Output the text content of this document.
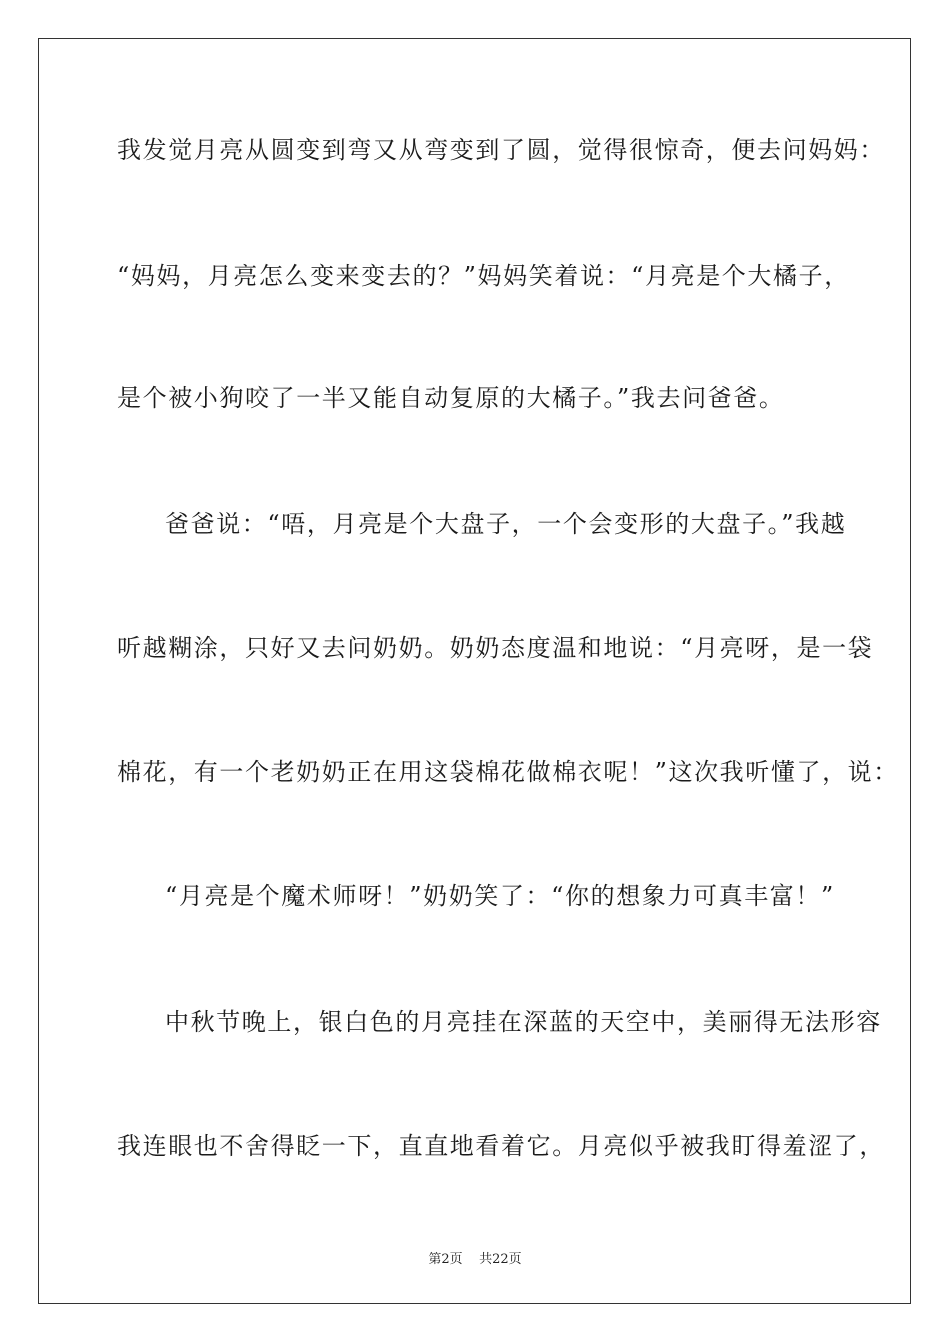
我发觉月亮从圆变到弯又从弯变到了圆，觉得很惊奇，便去问妈妈：
“妈妈，月亮怎么变来变去的？”妈妈笑着说：“月亮是个大橘子，
是个被小狗咬了一半又能自动复原的大橘子。”我去问爸爸。
爸爸说：“唔，月亮是个大盘子，一个会变形的大盘子。”我越
听越糊涂，只好又去问奶奶。奶奶态度温和地说：“月亮呀，是一袋
棉花，有一个老奶奶正在用这袋棉花做棉衣呢！”这次我听懂了，说：
“月亮是个魔术师呀！”奶奶笑了：“你的想象力可真丰富！”
中秋节晚上，银白色的月亮挂在深蓝的天空中，美丽得无法形容
我连眼也不舍得眨一下，直直地看着它。月亮似乎被我盯得羞涩了，
第2页    共22页
